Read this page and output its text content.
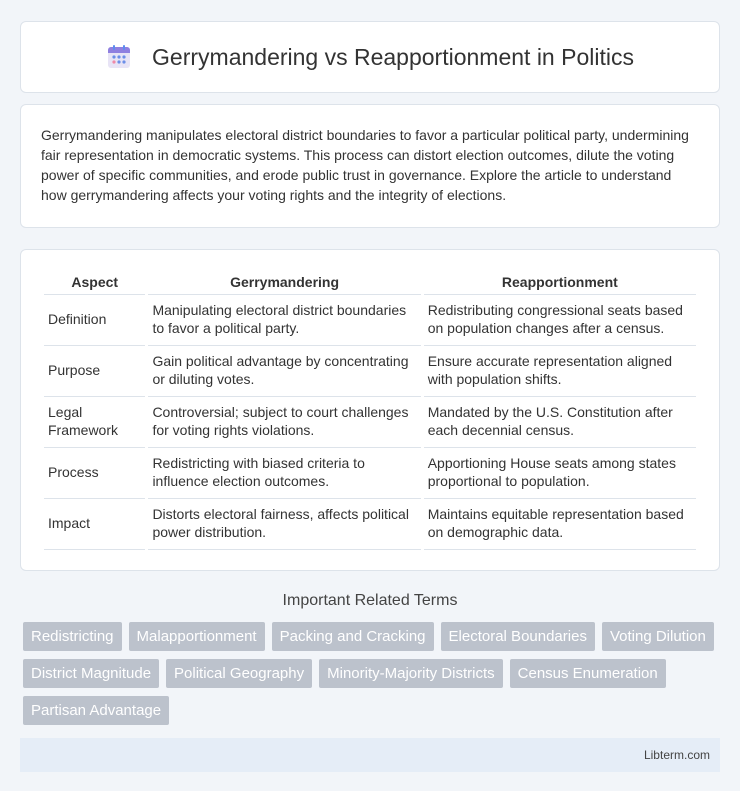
Gerrymandering vs Reapportionment in Politics

Gerrymandering manipulates electoral district boundaries to favor a particular political party, undermining fair representation in democratic systems. This process can distort election outcomes, dilute the voting power of specific communities, and erode public trust in governance. Explore the article to understand how gerrymandering affects your voting rights and the integrity of elections.

Aspect	Gerrymandering	Reapportionment
Definition	Manipulating electoral district boundaries to favor a political party.	Redistributing congressional seats based on population changes after a census.
Purpose	Gain political advantage by concentrating or diluting votes.	Ensure accurate representation aligned with population shifts.
Legal Framework	Controversial; subject to court challenges for voting rights violations.	Mandated by the U.S. Constitution after each decennial census.
Process	Redistricting with biased criteria to influence election outcomes.	Apportioning House seats among states proportional to population.
Impact	Distorts electoral fairness, affects political power distribution.	Maintains equitable representation based on demographic data.
Important Related Terms
Redistricting	Malapportionment	Packing and Cracking	Electoral Boundaries	Voting Dilution
District Magnitude	Political Geography	Minority-Majority Districts	Census Enumeration
Partisan Advantage
Libterm.com
